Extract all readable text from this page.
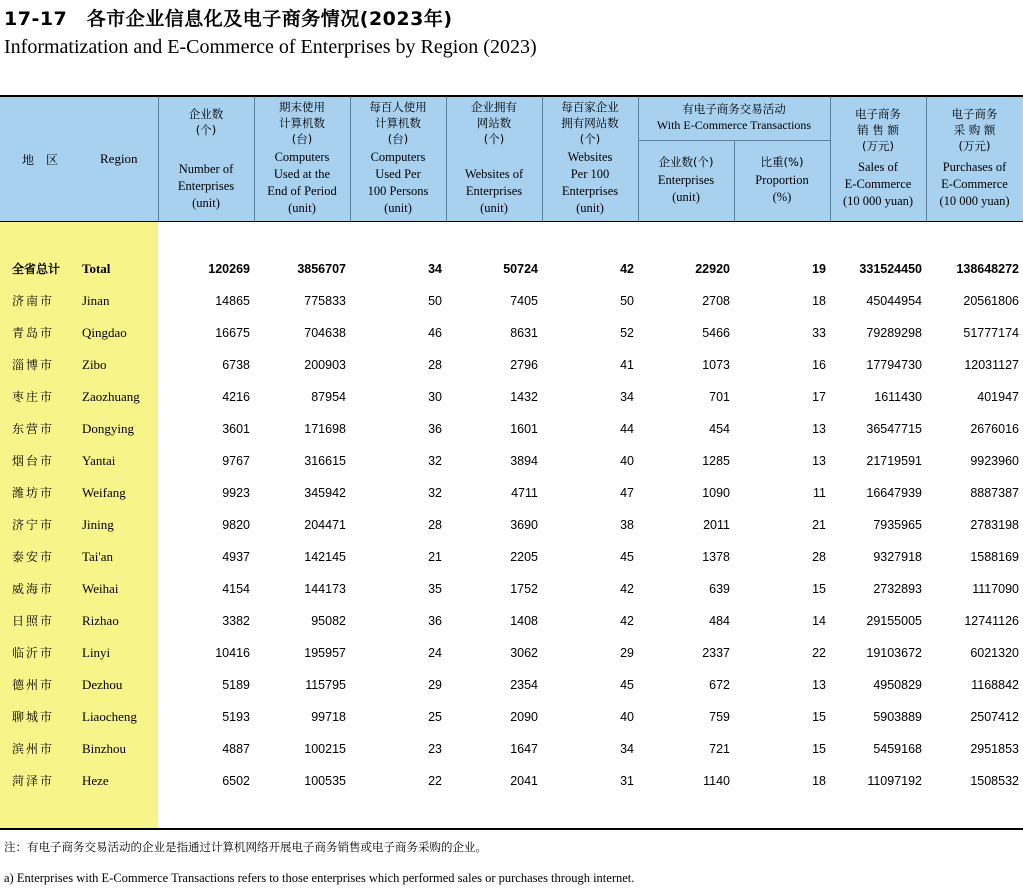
17-17　各市企业信息化及电子商务情况(2023年)
Informatization and E-Commerce of Enterprises by Region (2023)
地　区	Region
企业数
(个)
Number of
Enterprises
(unit)
期末使用
计算机数
(台)
Computers
Used at the
End of Period
(unit)
每百人使用
计算机数
(台)
Computers
Used Per
100 Persons
(unit)
企业拥有
网站数
(个)
Websites of
Enterprises
(unit)
每百家企业
拥有网站数
(个)
Websites
Per 100
Enterprises
(unit)
有电子商务交易活动
With E-Commerce Transactions
企业数(个)
Enterprises
(unit)
比重(%)
Proportion
(%)
电子商务
销 售 额
(万元)
Sales of
E-Commerce
(10 000 yuan)
电子商务
采 购 额
(万元)
Purchases of
E-Commerce
(10 000 yuan)
全省总计 Total	120269	3856707	34	50724	42	22920	19	331524450	138648272
济南市 Jinan	14865	775833	50	7405	50	2708	18	45044954	20561806
青岛市 Qingdao	16675	704638	46	8631	52	5466	33	79289298	51777174
淄博市 Zibo	6738	200903	28	2796	41	1073	16	17794730	12031127
枣庄市 Zaozhuang	4216	87954	30	1432	34	701	17	1611430	401947
东营市 Dongying	3601	171698	36	1601	44	454	13	36547715	2676016
烟台市 Yantai	9767	316615	32	3894	40	1285	13	21719591	9923960
潍坊市 Weifang	9923	345942	32	4711	47	1090	11	16647939	8887387
济宁市 Jining	9820	204471	28	3690	38	2011	21	7935965	2783198
泰安市 Tai'an	4937	142145	21	2205	45	1378	28	9327918	1588169
威海市 Weihai	4154	144173	35	1752	42	639	15	2732893	1117090
日照市 Rizhao	3382	95082	36	1408	42	484	14	29155005	12741126
临沂市 Linyi	10416	195957	24	3062	29	2337	22	19103672	6021320
德州市 Dezhou	5189	115795	29	2354	45	672	13	4950829	1168842
聊城市 Liaocheng	5193	99718	25	2090	40	759	15	5903889	2507412
滨州市 Binzhou	4887	100215	23	1647	34	721	15	5459168	2951853
菏泽市 Heze	6502	100535	22	2041	31	1140	18	11097192	1508532
注：有电子商务交易活动的企业是指通过计算机网络开展电子商务销售或电子商务采购的企业。
a) Enterprises with E-Commerce Transactions refers to those enterprises which performed sales or purchases through internet.
